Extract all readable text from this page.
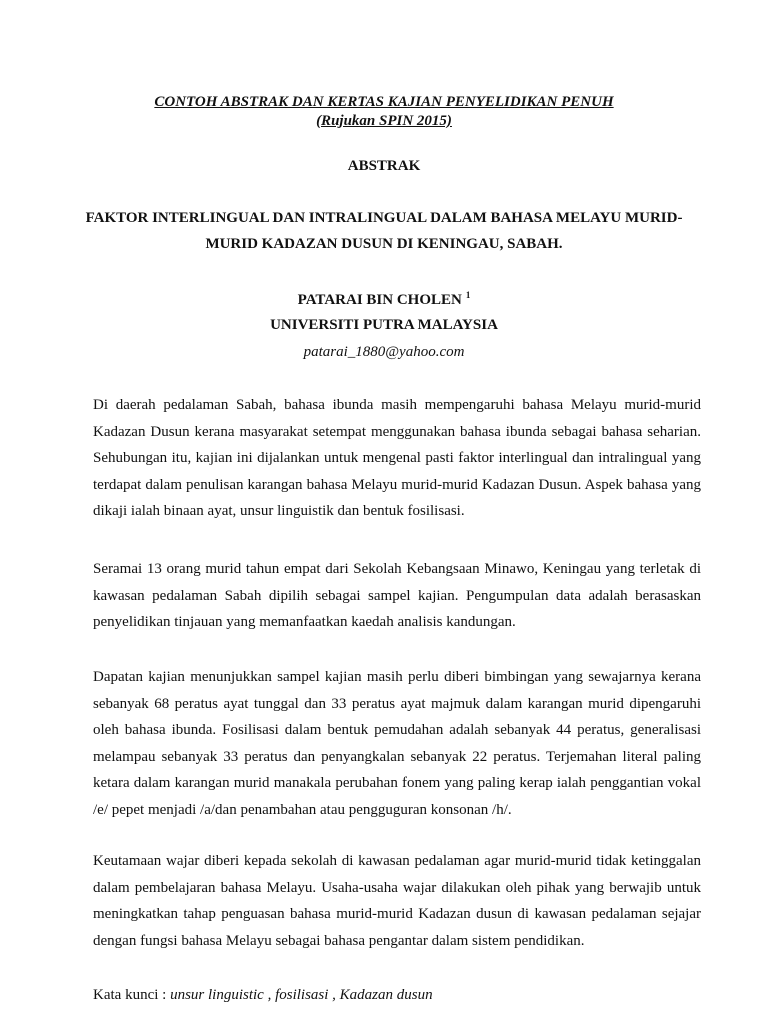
CONTOH ABSTRAK DAN KERTAS KAJIAN PENYELIDIKAN PENUH

(Rujukan SPIN 2015)

ABSTRAK

FAKTOR INTERLINGUAL DAN INTRALINGUAL DALAM BAHASA MELAYU MURID-

MURID KADAZAN DUSUN DI KENINGAU, SABAH.

PATARAI BIN CHOLEN $^1$

UNIVERSITI PUTRA MALAYSIA

patarai_1880@yahoo.com

Di daerah pedalaman Sabah, bahasa ibunda masih mempengaruhi bahasa Melayu murid-murid
Kadazan Dusun kerana masyarakat setempat menggunakan bahasa ibunda sebagai bahasa seharian.
Sehubungan itu, kajian ini dijalankan untuk mengenal pasti faktor interlingual dan intralingual yang
terdapat dalam penulisan karangan bahasa Melayu murid-murid Kadazan Dusun. Aspek bahasa yang
dikaji ialah binaan ayat, unsur linguistik dan bentuk fosilisasi.
Seramai 13 orang murid tahun empat dari Sekolah Kebangsaan Minawo, Keningau yang terletak di
kawasan pedalaman Sabah dipilih sebagai sampel kajian. Pengumpulan data adalah berasaskan
penyelidikan tinjauan yang memanfaatkan kaedah analisis kandungan.
Dapatan kajian menunjukkan sampel kajian masih perlu diberi bimbingan yang sewajarnya kerana
sebanyak 68 peratus ayat tunggal dan 33 peratus ayat majmuk dalam karangan murid dipengaruhi
oleh bahasa ibunda. Fosilisasi dalam bentuk pemudahan adalah sebanyak 44 peratus, generalisasi
melampau sebanyak 33 peratus dan penyangkalan sebanyak 22 peratus. Terjemahan literal paling
ketara dalam karangan murid manakala perubahan fonem yang paling kerap ialah penggantian vokal
/e/ pepet menjadi /a/dan penambahan atau pengguguran konsonan /h/.
Keutamaan wajar diberi kepada sekolah di kawasan pedalaman agar murid-murid tidak ketinggalan
dalam pembelajaran bahasa Melayu. Usaha-usaha wajar dilakukan oleh pihak yang berwajib untuk
meningkatkan tahap penguasan bahasa murid-murid Kadazan dusun di kawasan pedalaman sejajar
dengan fungsi bahasa Melayu sebagai bahasa pengantar dalam sistem pendidikan.

Kata kunci : unsur linguistic , fosilisasi , Kadazan dusun
